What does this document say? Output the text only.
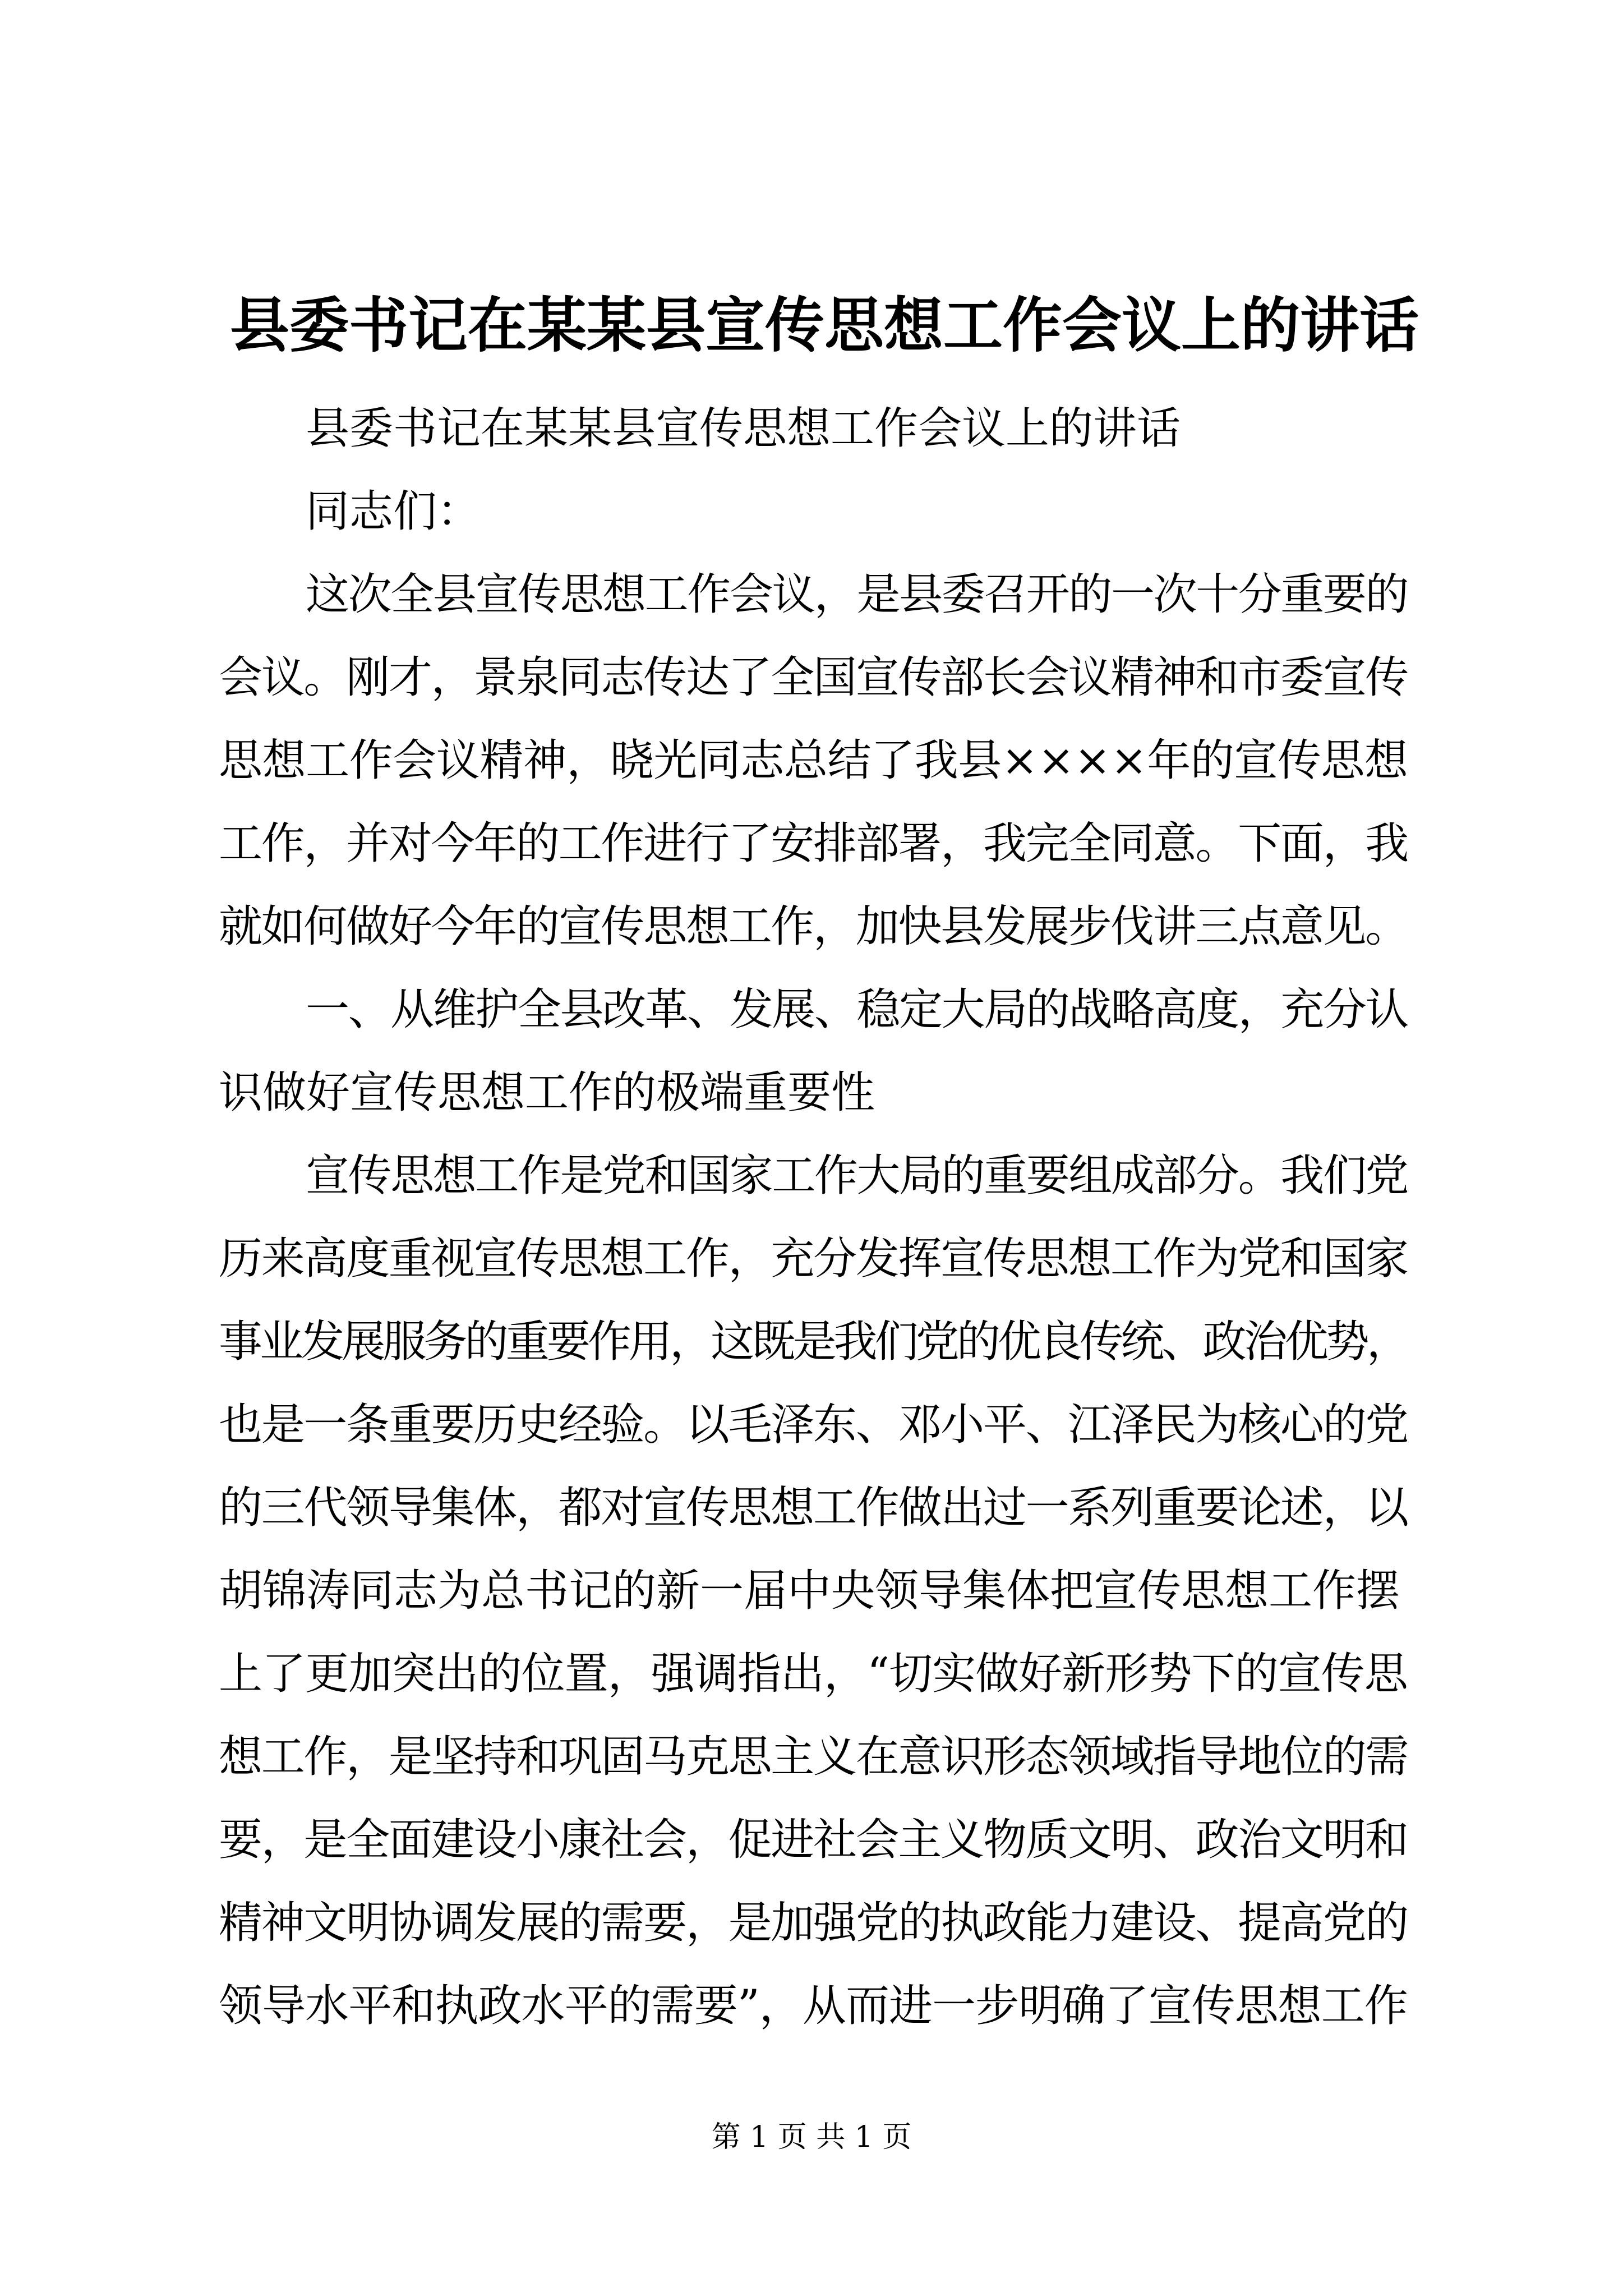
县委书记在某某县宣传思想工作会议上的讲话
县委书记在某某县宣传思想工作会议上的讲话
同志们：
这次全县宣传思想工作会议，是县委召开的一次十分重要的
会议。刚才，景泉同志传达了全国宣传部长会议精神和市委宣传
思想工作会议精神，晓光同志总结了我县××××年的宣传思想
工作，并对今年的工作进行了安排部署，我完全同意。下面，我
就如何做好今年的宣传思想工作，加快县发展步伐讲三点意见。
一、从维护全县改革、发展、稳定大局的战略高度，充分认
识做好宣传思想工作的极端重要性
宣传思想工作是党和国家工作大局的重要组成部分。我们党
历来高度重视宣传思想工作，充分发挥宣传思想工作为党和国家
事业发展服务的重要作用，这既是我们党的优良传统、政治优势，
也是一条重要历史经验。以毛泽东、邓小平、江泽民为核心的党
的三代领导集体，都对宣传思想工作做出过一系列重要论述，以
胡锦涛同志为总书记的新一届中央领导集体把宣传思想工作摆
上了更加突出的位置，强调指出，“切实做好新形势下的宣传思
想工作，是坚持和巩固马克思主义在意识形态领域指导地位的需
要，是全面建设小康社会，促进社会主义物质文明、政治文明和
精神文明协调发展的需要，是加强党的执政能力建设、提高党的
领导水平和执政水平的需要”，从而进一步明确了宣传思想工作
第 1 页 共 1 页
